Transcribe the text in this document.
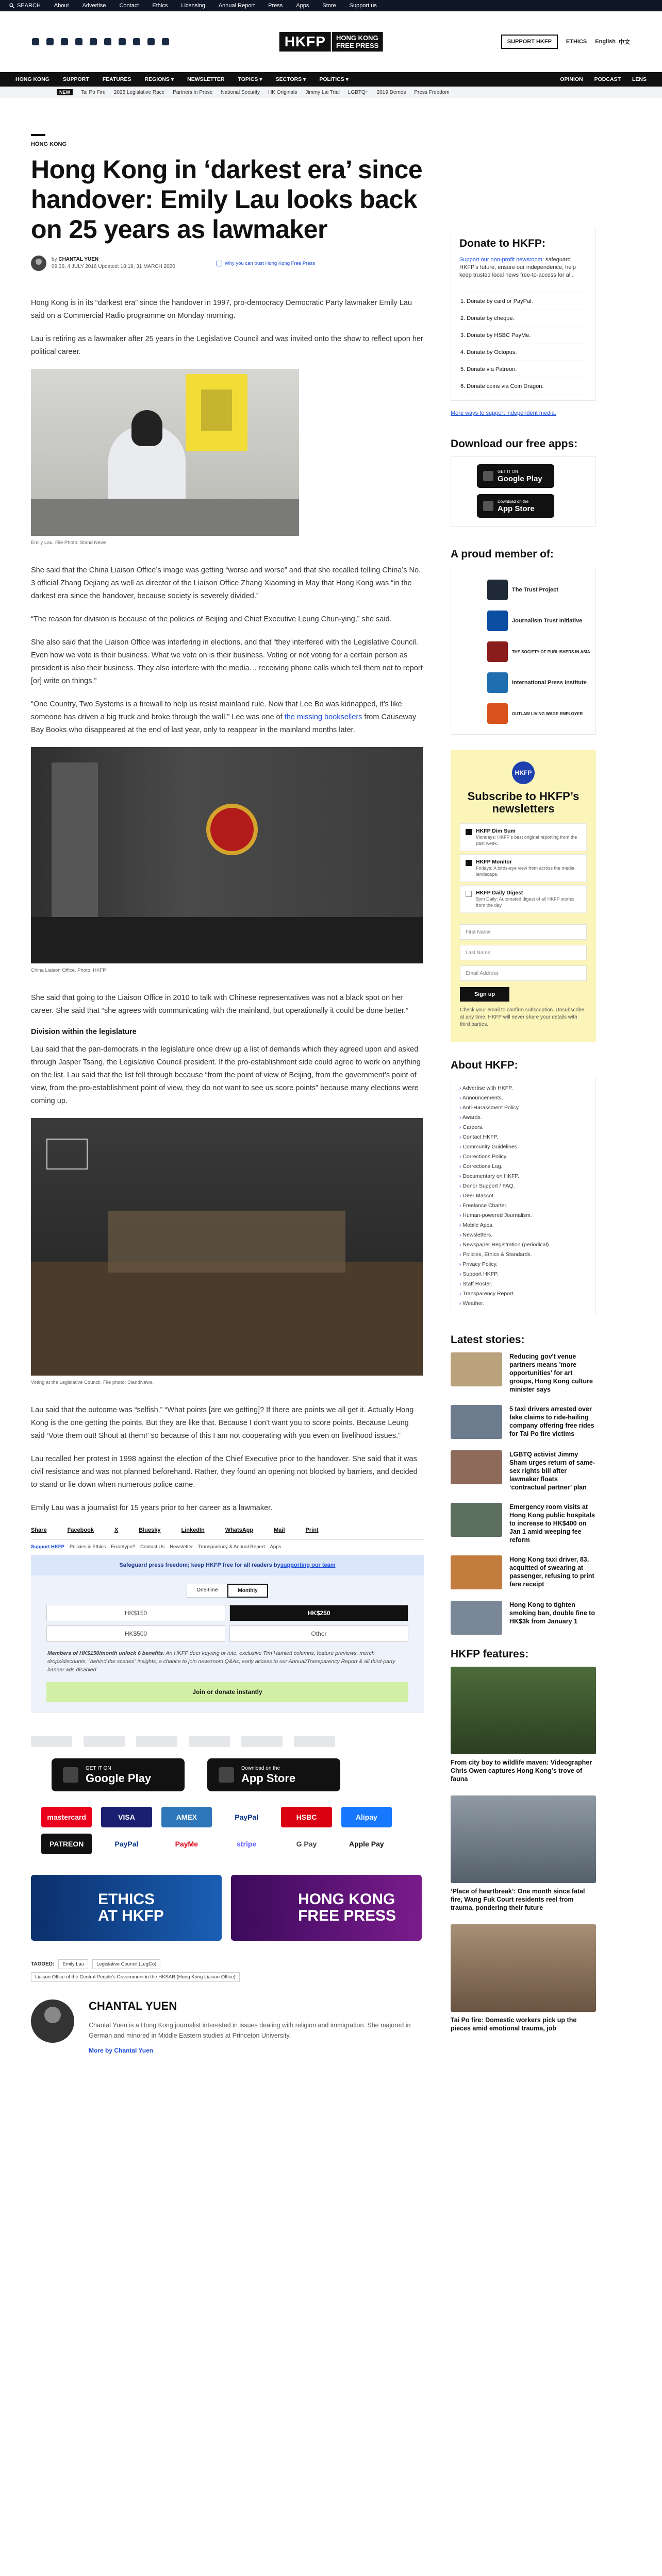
SEARCH About Advertise Contact Ethics Licensing Annual Report Press Apps Store Support us
HKFP	HONG KONG
FREE PRESS	SUPPORT HKFP	ETHICS English 中文
HONG KONG SUPPORT FEATURES REGIONS ▾ NEWSLETTER TOPICS ▾ SECTORS ▾ POLITICS ▾	OPINION PODCAST LENS
NEW	Tai Po Fire 2025 Legislative Race Partners in Prose National Security HK Originals Jimmy Lai Trial LGBTQ+ 2019 Demos Press Freedom
HONG KONG
Hong Kong in ‘darkest era’ since handover: Emily Lau looks back on 25 years as lawmaker
by CHANTAL YUEN
09:36, 4 JULY 2016 Updated: 18:19, 31 MARCH 2020
Why you can trust Hong Kong Free Press

Hong Kong is in its “darkest era” since the handover in 1997, pro-democracy Democratic Party lawmaker Emily Lau said on a Commercial Radio programme on Monday morning.

Lau is retiring as a lawmaker after 25 years in the Legislative Council and was invited onto the show to reflect upon her political career.

Emily Lau. File Photo: Stand News.

She said that the China Liaison Office’s image was getting “worse and worse” and that she recalled telling China’s No. 3 official Zhang Dejiang as well as director of the Liaison Office Zhang Xiaoming in May that Hong Kong was “in the darkest era since the handover, because society is severely divided.”

“The reason for division is because of the policies of Beijing and Chief Executive Leung Chun-ying,” she said.

She also said that the Liaison Office was interfering in elections, and that “they interfered with the Legislative Council. Even how we vote is their business. What we vote on is their business. Voting or not voting for a certain person as president is also their business. They also interfere with the media… receiving phone calls which tell them not to report [or] write on things.”

“One Country, Two Systems is a firewall to help us resist mainland rule. Now that Lee Bo was kidnapped, it’s like someone has driven a big truck and broke through the wall.” Lee was one of the missing booksellers from Causeway Bay Books who disappeared at the end of last year, only to reappear in the mainland months later.

China Liaison Office. Photo: HKFP.

She said that going to the Liaison Office in 2010 to talk with Chinese representatives was not a black spot on her career. She said that “she agrees with communicating with the mainland, but operationally it could be done better.”

Division within the legislature

Lau said that the pan-democrats in the legislature once drew up a list of demands which they agreed upon and asked through Jasper Tsang, the Legislative Council president. If the pro-establishment side could agree to work on anything on the list. Lau said that the list fell through because “from the point of view of Beijing, from the government’s point of view, from the pro-establishment point of view, they do not want to see us score points” because many elections were coming up.

Voting at the Legislative Council. File photo: StandNews.

Lau said that the outcome was “selfish.” “What points [are we getting]? If there are points we all get it. Actually Hong Kong is the one getting the points. But they are like that. Because I don’t want you to score points. Because Leung said ‘Vote them out! Shout at them!’ so because of this I am not cooperating with you even on livelihood issues.”

Lau recalled her protest in 1998 against the election of the Chief Executive prior to the handover. She said that it was civil resistance and was not planned beforehand. Rather, they found an opening not blocked by barriers, and decided to stand or lie down when numerous police came.

Emily Lau was a journalist for 15 years prior to her career as a lawmaker.

Share	Facebook	X	Bluesky	LinkedIn	WhatsApp	Mail	Print
Support HKFP Policies & Ethics Error/typo? Contact Us Newsletter Transparency & Annual Report Apps
Safeguard press freedom; keep HKFP free for all readers by supporting our team
One-time	Monthly
HK$150	HK$250
HK$500	Other
Members of HK$150/month unlock 6 benefits: An HKFP deer keyring or tote, exclusive Tim Hamlett columns, feature previews, merch drops/discounts, “behind the scenes” insights, a chance to join newsroom Q&As, early access to our Annual/Transparency Report & all third-party banner ads disabled.
Join or donate instantly
GET IT ON
Google Play
Download on the
App Store
mastercard	VISA	AMEX	PayPal	HSBC	Alipay
PATREON	PayPal	PayMe	stripe	G Pay	Apple Pay
ETHICS
AT HKFP
HONG KONG
FREE PRESS
TAGGED:	Emily Lau	Legislative Council (LegCo)
Liaison Office of the Central People's Government in the HKSAR (Hong Kong Liaison Office)
CHANTAL YUEN

Chantal Yuen is a Hong Kong journalist interested in issues dealing with religion and immigration. She majored in German and minored in Middle Eastern studies at Princeton University.

More by Chantal Yuen
Donate to HKFP:
Support our non-profit newsroom: safeguard HKFP's future, ensure our independence, help keep trusted local news free-to-access for all.
1. Donate by card or PayPal.
2. Donate by cheque.
3. Donate by HSBC PayMe.
4. Donate by Octopus.
5. Donate via Patreon.
6. Donate coins via Coin Dragon.
More ways to support independent media.
Download our free apps:
GET IT ON
Google Play
Download on the
App Store
A proud member of:
The Trust Project
Journalism Trust Initiative
THE SOCIETY OF PUBLISHERS IN ASIA
International Press Institute
OUTLAW LIVING WAGE EMPLOYER
HKFP
Subscribe to HKFP’s newsletters
HKFP Dim Sum
Mondays: HKFP's best original reporting from the past week.
HKFP Monitor
Fridays: A birds-eye view from across the media landscape.
HKFP Daily Digest
9pm Daily: Automated digest of all HKFP stories from the day.
First Name
Last Name
Email Address
Sign up
Check your email to confirm subscription. Unsubscribe at any time. HKFP will never share your details with third parties.
About HKFP:
› Advertise with HKFP.
› Announcements.
› Anti-Harassment Policy.
› Awards.
› Careers.
› Contact HKFP.
› Community Guidelines.
› Corrections Policy.
› Corrections Log.
› Documentary on HKFP.
› Donor Support / FAQ.
› Deer Mascot.
› Freelance Charter.
› Human-powered Journalism.
› Mobile Apps.
› Newsletters.
› Newspaper Registration (periodical).
› Policies, Ethics & Standards.
› Privacy Policy.
› Support HKFP.
› Staff Roster.
› Transparency Report.
› Weather.
Latest stories:
Reducing gov't venue partners means 'more opportunities' for art groups, Hong Kong culture minister says
5 taxi drivers arrested over fake claims to ride-hailing company offering free rides for Tai Po fire victims
LGBTQ activist Jimmy Sham urges return of same-sex rights bill after lawmaker floats ‘contractual partner’ plan
Emergency room visits at Hong Kong public hospitals to increase to HK$400 on Jan 1 amid weeping fee reform
Hong Kong taxi driver, 83, acquitted of swearing at passenger, refusing to print fare receipt
Hong Kong to tighten smoking ban, double fine to HK$3k from January 1
HKFP features:
From city boy to wildlife maven: Videographer Chris Owen captures Hong Kong’s trove of fauna
‘Place of heartbreak’: One month since fatal fire, Wang Fuk Court residents reel from trauma, pondering their future
Tai Po fire: Domestic workers pick up the pieces amid emotional trauma, job
